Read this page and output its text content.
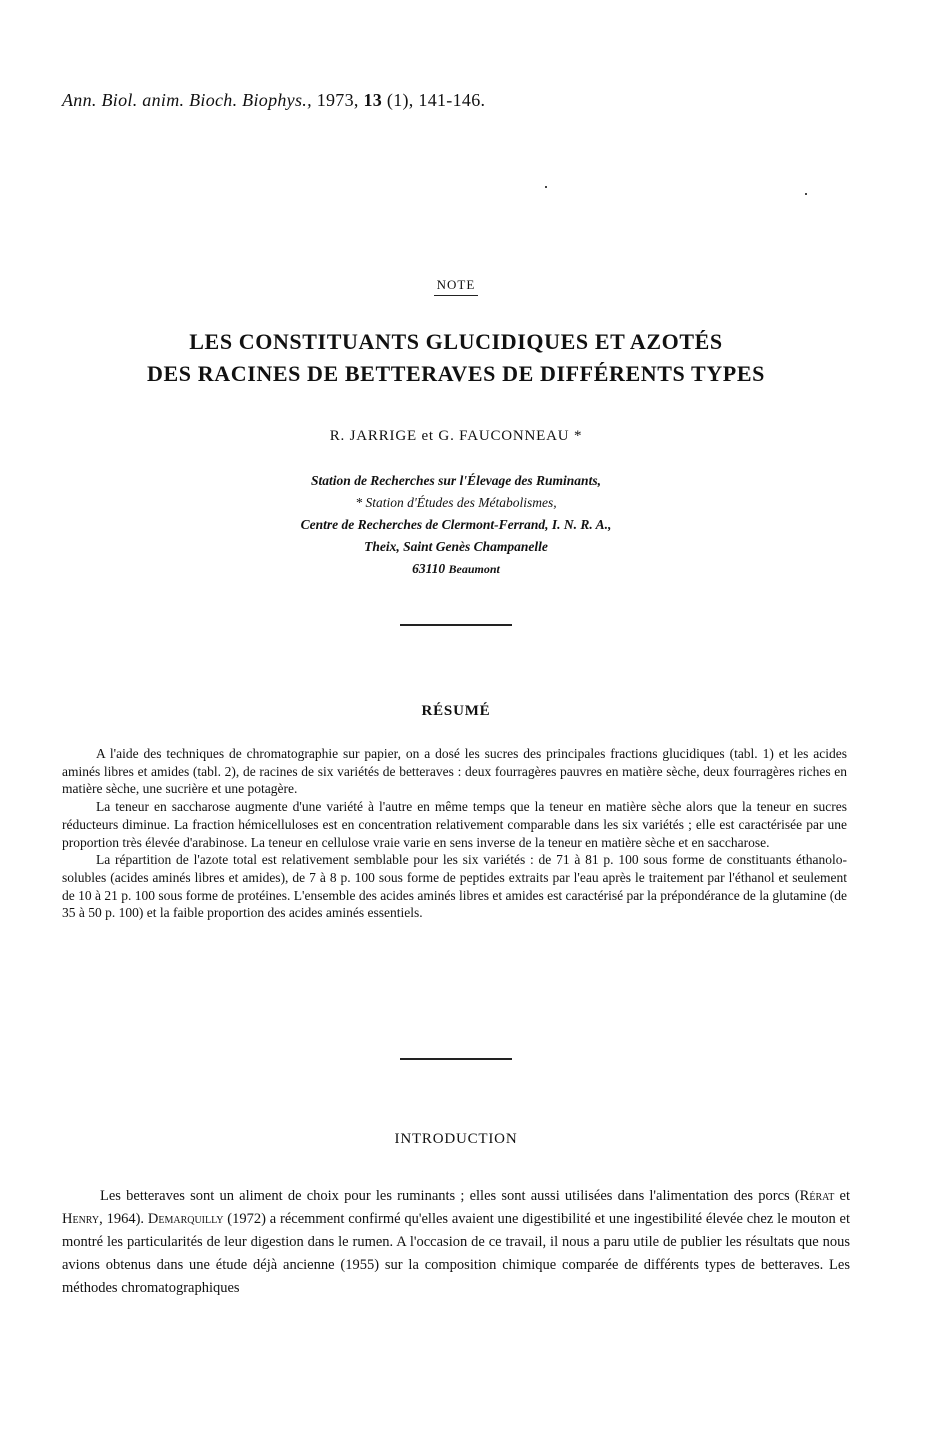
Ann. Biol. anim. Bioch. Biophys., 1973, 13 (1), 141-146.
NOTE
LES CONSTITUANTS GLUCIDIQUES ET AZOTÉS
DES RACINES DE BETTERAVES DE DIFFÉRENTS TYPES
R. JARRIGE et G. FAUCONNEAU *
Station de Recherches sur l'Élevage des Ruminants,
* Station d'Études des Métabolismes,
Centre de Recherches de Clermont-Ferrand, I. N. R. A.,
Theix, Saint Genès Champanelle
63110 Beaumont
RÉSUMÉ

A l'aide des techniques de chromatographie sur papier, on a dosé les sucres des principales fractions glucidiques (tabl. 1) et les acides aminés libres et amides (tabl. 2), de racines de six variétés de betteraves : deux fourragères pauvres en matière sèche, deux fourragères riches en matière sèche, une sucrière et une potagère.

La teneur en saccharose augmente d'une variété à l'autre en même temps que la teneur en matière sèche alors que la teneur en sucres réducteurs diminue. La fraction hémicelluloses est en concentration relativement comparable dans les six variétés ; elle est caractérisée par une proportion très élevée d'arabinose. La teneur en cellulose vraie varie en sens inverse de la teneur en matière sèche et en saccharose.

La répartition de l'azote total est relativement semblable pour les six variétés : de 71 à 81 p. 100 sous forme de constituants éthanolo-solubles (acides aminés libres et amides), de 7 à 8 p. 100 sous forme de peptides extraits par l'eau après le traitement par l'éthanol et seulement de 10 à 21 p. 100 sous forme de protéines. L'ensemble des acides aminés libres et amides est caractérisé par la prépondérance de la glutamine (de 35 à 50 p. 100) et la faible proportion des acides aminés essentiels.

INTRODUCTION

Les betteraves sont un aliment de choix pour les ruminants ; elles sont aussi utilisées dans l'alimentation des porcs (Rérat et Henry, 1964). Demarquilly (1972) a récemment confirmé qu'elles avaient une digestibilité et une ingestibilité élevée chez le mouton et montré les particularités de leur digestion dans le rumen. A l'occasion de ce travail, il nous a paru utile de publier les résultats que nous avions obtenus dans une étude déjà ancienne (1955) sur la composition chimique comparée de différents types de betteraves. Les méthodes chromatographiques
